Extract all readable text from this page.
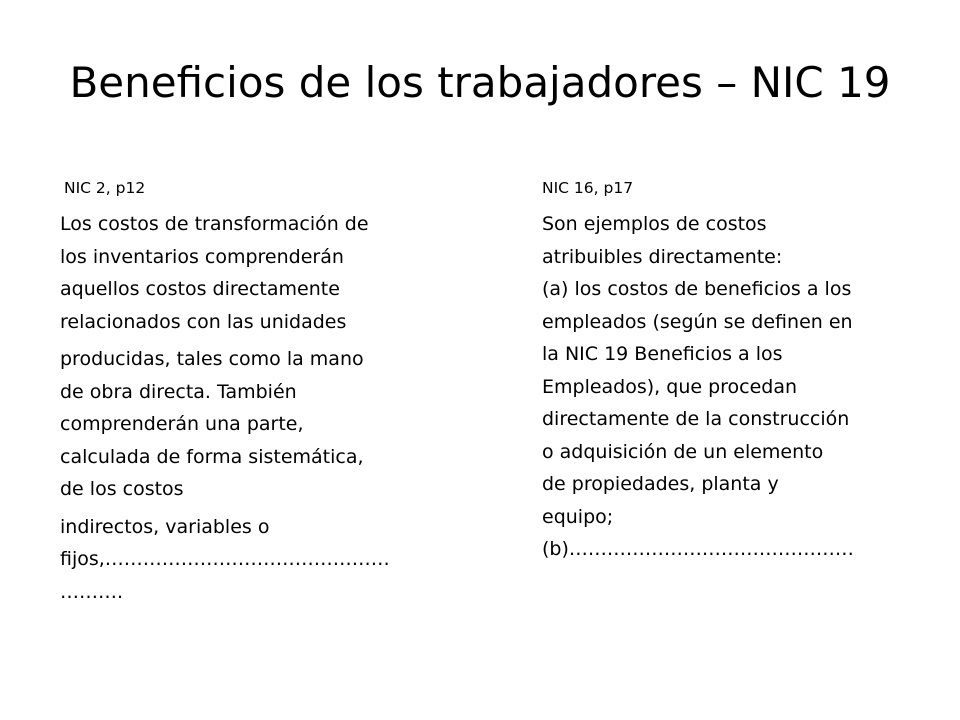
Beneficios de los trabajadores – NIC 19

NIC 2, p12

Los costos de transformación de
los inventarios comprenderán
aquellos costos directamente
relacionados con las unidades

producidas, tales como la mano
de obra directa. También
comprenderán una parte,
calculada de forma sistemática,
de los costos

indirectos, variables o
fijos,………………………………………
……….

NIC 16, p17

Son ejemplos de costos
atribuibles directamente:
(a) los costos de beneficios a los
empleados (según se definen en
la NIC 19 Beneficios a los
Empleados), que procedan
directamente de la construcción
o adquisición de un elemento
de propiedades, planta y
equipo;
(b)………………………………………
